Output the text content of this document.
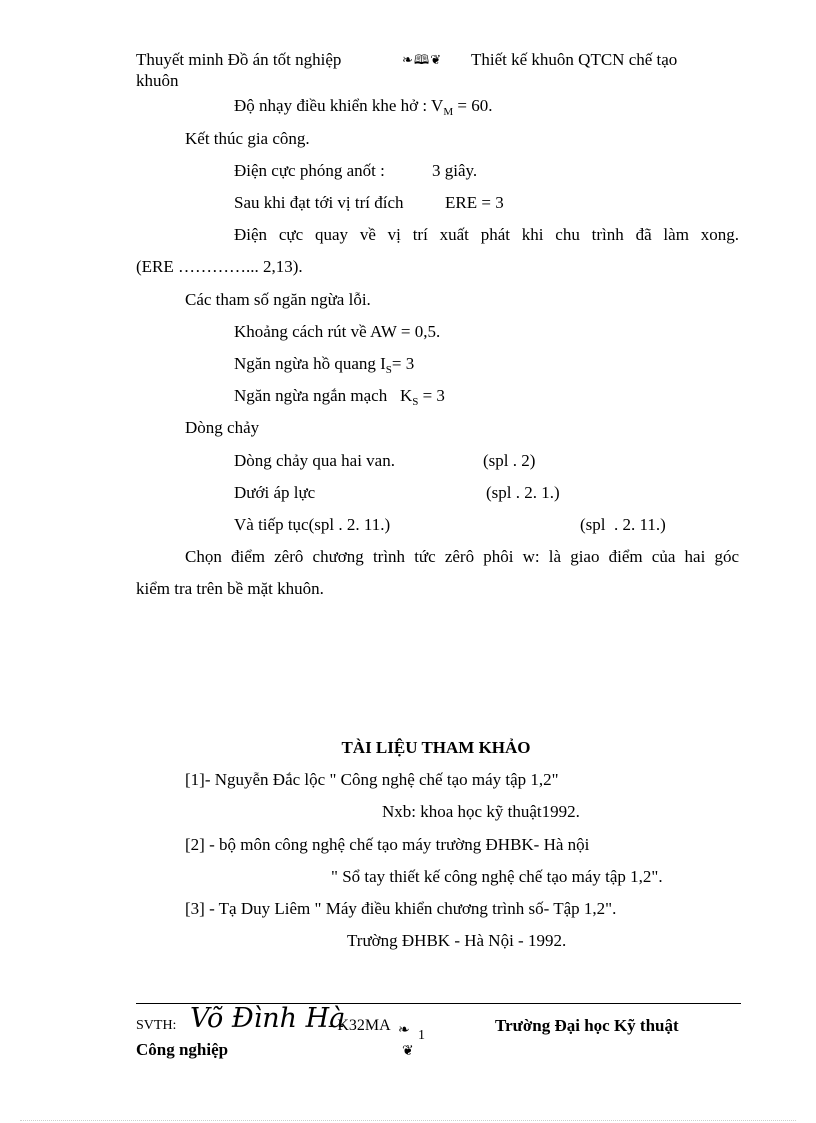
Thuyết minh Đồ án tốt nghiệp	❧🕮❦ Thiết kế khuôn QTCN chế tạo
khuôn
Độ nhạy điều khiển khe hở : $V_M = 60$.
Kết thúc gia công.
Điện cực phóng anốt :	3 giây.
Sau khi đạt tới vị trí đích ERE = 3
Điện cực quay về vị trí xuất phát khi chu trình đã làm xong.
(ERE …………... 2,13).
Các tham số ngăn ngừa lỗi.
Khoảng cách rút về AW = 0,5.
Ngăn ngừa hồ quang $I_S= 3$
Ngăn ngừa ngắn mạch   $K_S = 3$
Dòng chảy
Dòng chảy qua hai van.	(spl . 2)
Dưới áp lực	(spl . 2. 1.)
Và tiếp tục(spl . 2. 11.)	(spl  . 2. 11.)
Chọn điểm zêrô chương trình tức zêrô phôi w: là giao điểm của hai góc
kiểm tra trên bề mặt khuôn.
TÀI LIỆU THAM KHẢO
[1]- Nguyễn Đắc lộc " Công nghệ chế tạo máy tập 1,2"
Nxb: khoa học kỹ thuật1992.
[2] - bộ môn công nghệ chế tạo máy trường ĐHBK- Hà nội
" Sổ tay thiết kế công nghệ chế tạo máy tập 1,2".
[3] - Tạ Duy Liêm " Máy điều khiển chương trình số- Tập 1,2".
Trường ĐHBK - Hà Nội - 1992.
SVTH: Võ Đình Hà
- K32MA ❧ 1
❦
Trường Đại học Kỹ thuật
Công nghiệp
